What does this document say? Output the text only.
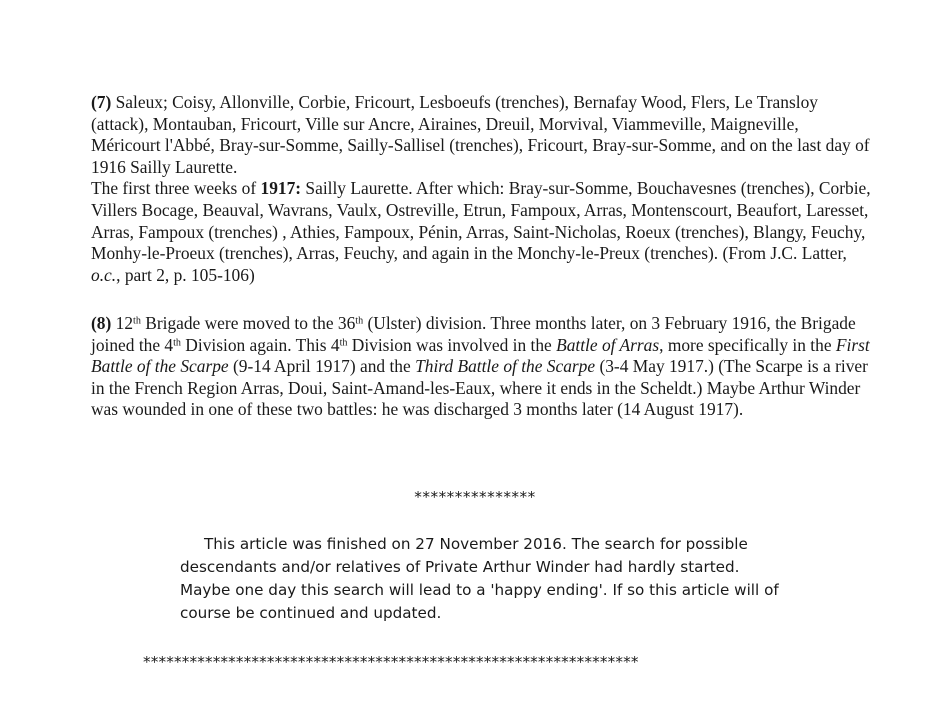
(7) Saleux; Coisy, Allonville, Corbie, Fricourt, Lesboeufs (trenches), Bernafay Wood, Flers, Le Transloy (attack), Montauban, Fricourt, Ville sur Ancre, Airaines, Dreuil, Morvival, Viammeville, Maigneville, Méricourt l'Abbé, Bray-sur-Somme, Sailly-Sallisel (trenches), Fricourt, Bray-sur-Somme, and on the last day of 1916 Sailly Laurette.

The first three weeks of 1917: Sailly Laurette. After which: Bray-sur-Somme, Bouchavesnes (trenches), Corbie, Villers Bocage, Beauval, Wavrans, Vaulx, Ostreville, Etrun, Fampoux, Arras, Montenscourt, Beaufort, Laresset, Arras, Fampoux (trenches) , Athies, Fampoux, Pénin, Arras, Saint-Nicholas, Roeux (trenches), Blangy, Feuchy, Monhy-le-Proeux (trenches), Arras, Feuchy, and again in the Monchy-le-Preux (trenches). (From J.C. Latter, o.c., part 2, p. 105-106)

(8) 12th Brigade were moved to the 36th (Ulster) division. Three months later, on 3 February 1916, the Brigade joined the 4th Division again. This 4th Division was involved in the Battle of Arras, more specifically in the First Battle of the Scarpe (9-14 April 1917) and the Third Battle of the Scarpe (3-4 May 1917.) (The Scarpe is a river in the French Region Arras, Doui, Saint-Amand-les-Eaux, where it ends in the Scheldt.) Maybe Arthur Winder was wounded in one of these two battles: he was discharged 3 months later (14 August 1917).

***************
This article was finished on 27 November 2016. The search for possible descendants and/or relatives of Private Arthur Winder had hardly started. Maybe one day this search will lead to a 'happy ending'. If so this article will of course be continued and updated.
****************************************************************
